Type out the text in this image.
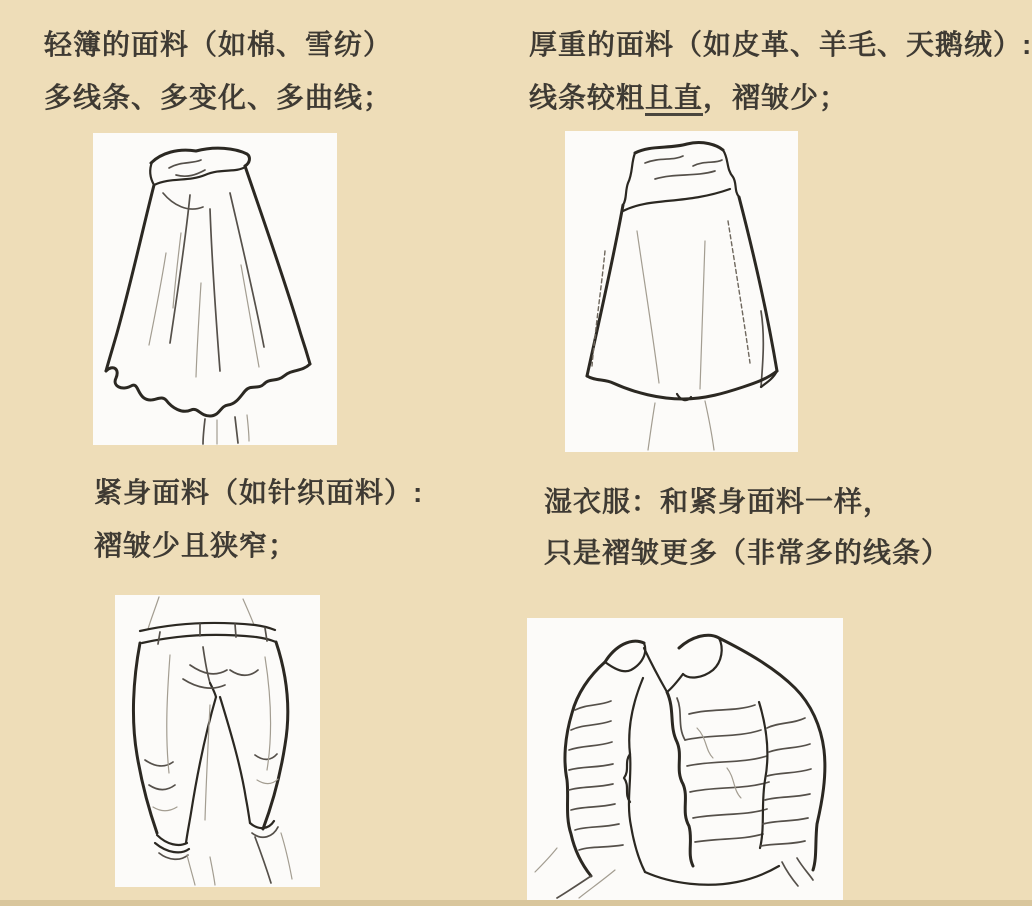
轻簿的面料（如棉、雪纺）
多线条、多变化、多曲线；
厚重的面料（如皮革、羊毛、天鹅绒）:
线条较粗且直，褶皱少；
紧身面料（如针织面料）:
褶皱少且狭窄；
湿衣服：和紧身面料一样，
只是褶皱更多（非常多的线条）
